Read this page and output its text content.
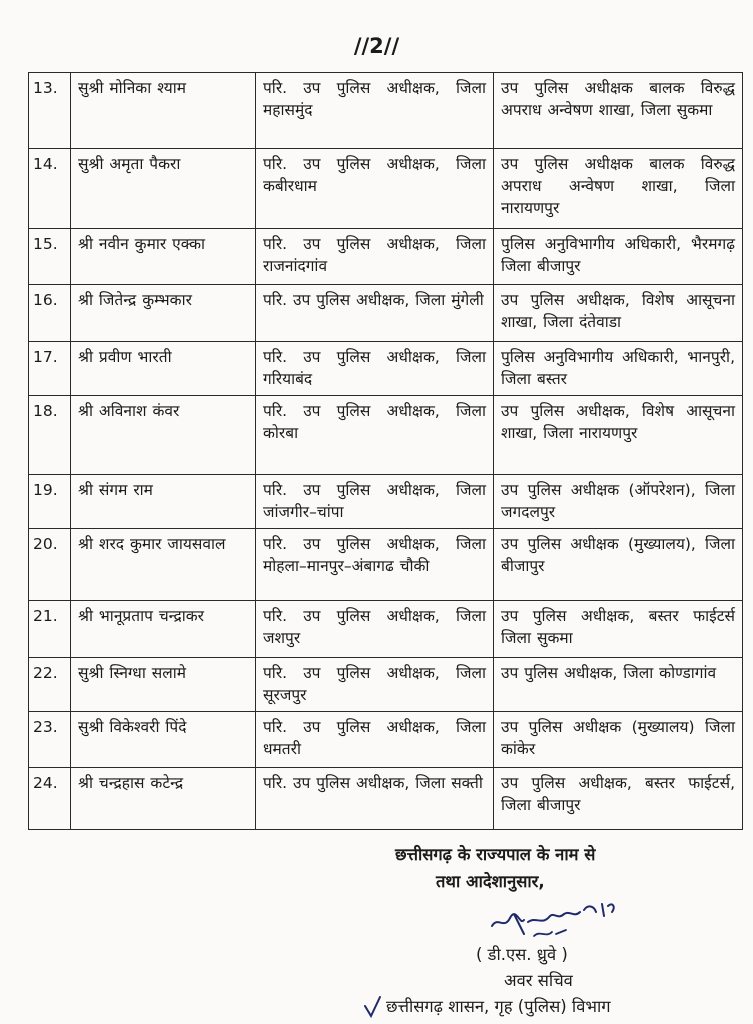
//2//
13.	सुश्री मोनिका श्याम	परि. उप पुलिस अधीक्षक, जिला महासमुंद	उप पुलिस अधीक्षक बालक विरुद्ध अपराध अन्वेषण शाखा, जिला सुकमा
14.	सुश्री अमृता पैकरा	परि. उप पुलिस अधीक्षक, जिला कबीरधाम	उप पुलिस अधीक्षक बालक विरुद्ध अपराध अन्वेषण शाखा, जिला नारायणपुर
15.	श्री नवीन कुमार एक्का	परि. उप पुलिस अधीक्षक, जिला राजनांदगांव	पुलिस अनुविभागीय अधिकारी, भैरमगढ़ जिला बीजापुर
16.	श्री जितेन्द्र कुम्भकार	परि. उप पुलिस अधीक्षक, जिला मुंगेली	उप पुलिस अधीक्षक, विशेष आसूचना शाखा, जिला दंतेवाडा
17.	श्री प्रवीण भारती	परि. उप पुलिस अधीक्षक, जिला गरियाबंद	पुलिस अनुविभागीय अधिकारी, भानपुरी, जिला बस्तर
18.	श्री अविनाश कंवर	परि. उप पुलिस अधीक्षक, जिला कोरबा	उप पुलिस अधीक्षक, विशेष आसूचना शाखा, जिला नारायणपुर
19.	श्री संगम राम	परि. उप पुलिस अधीक्षक, जिला जांजगीर–चांपा	उप पुलिस अधीक्षक (ऑपरेशन), जिला जगदलपुर
20.	श्री शरद कुमार जायसवाल	परि. उप पुलिस अधीक्षक, जिला मोहला–मानपुर–अंबागढ चौकी	उप पुलिस अधीक्षक (मुख्यालय), जिला बीजापुर
21.	श्री भानूप्रताप चन्द्राकर	परि. उप पुलिस अधीक्षक, जिला जशपुर	उप पुलिस अधीक्षक, बस्तर फाईटर्स जिला सुकमा
22.	सुश्री स्निग्धा सलामे	परि. उप पुलिस अधीक्षक, जिला सूरजपुर	उप पुलिस अधीक्षक, जिला कोण्डागांव
23.	सुश्री विकेश्वरी पिंदे	परि. उप पुलिस अधीक्षक, जिला धमतरी	उप पुलिस अधीक्षक (मुख्यालय) जिला कांकेर
24.	श्री चन्द्रहास कटेन्द्र	परि. उप पुलिस अधीक्षक, जिला सक्ती	उप पुलिस अधीक्षक, बस्तर फाईटर्स, जिला बीजापुर
छत्तीसगढ़ के राज्यपाल के नाम से
तथा आदेशानुसार,
( डी.एस. ध्रुवे )
अवर सचिव
छत्तीसगढ़ शासन, गृह (पुलिस) विभाग
